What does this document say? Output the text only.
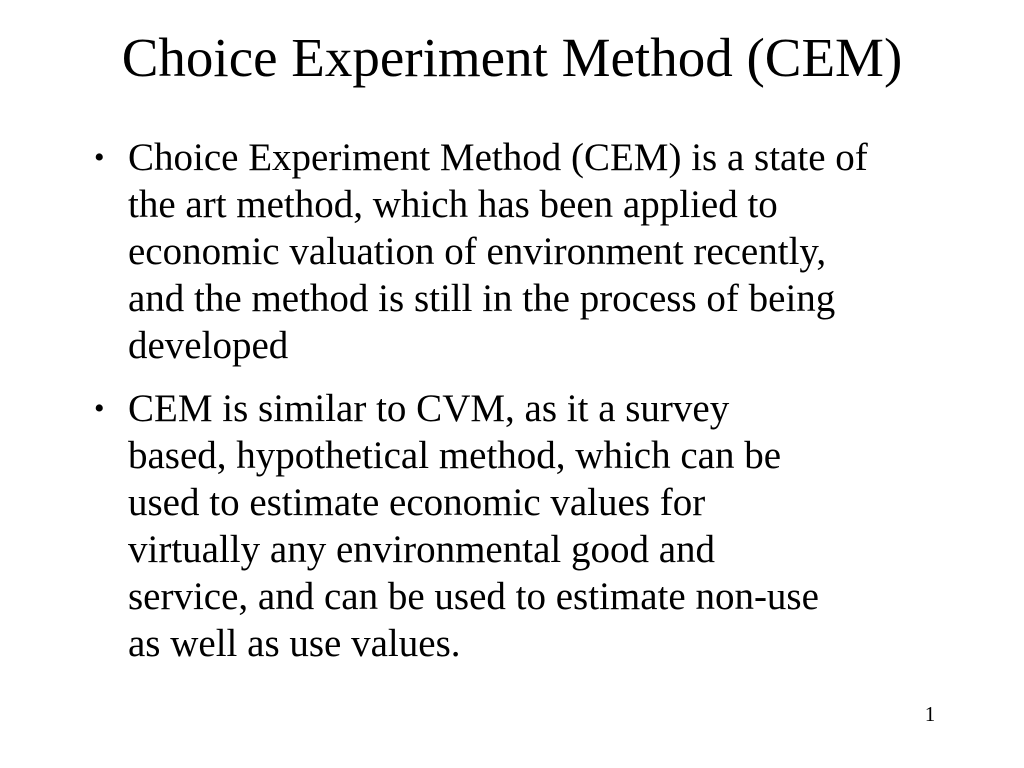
Choice Experiment Method (CEM)
• Choice Experiment Method (CEM) is a state of
the art method, which has been applied to
economic valuation of environment recently,
and the method is still in the process of being
developed
• CEM is similar to CVM, as it a survey
based, hypothetical method, which can be
used to estimate economic values for
virtually any environmental good and
service, and can be used to estimate non-use
as well as use values.
1
